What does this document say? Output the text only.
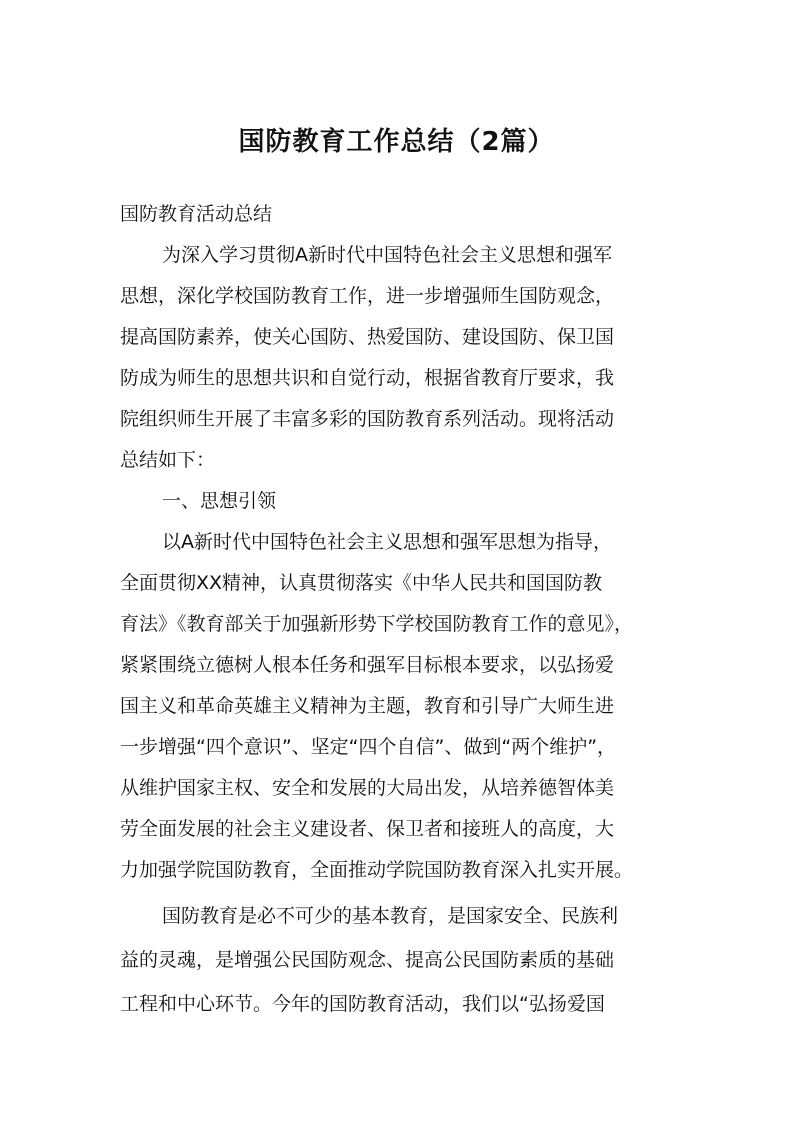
国防教育工作总结（2篇）

国防教育活动总结

为深入学习贯彻A新时代中国特色社会主义思想和强军

思想，深化学校国防教育工作，进一步增强师生国防观念，

提高国防素养，使关心国防、热爱国防、建设国防、保卫国

防成为师生的思想共识和自觉行动，根据省教育厅要求，我

院组织师生开展了丰富多彩的国防教育系列活动。现将活动

总结如下：

一、思想引领

以A新时代中国特色社会主义思想和强军思想为指导，

全面贯彻XX精神，认真贯彻落实《中华人民共和国国防教

育法》《教育部关于加强新形势下学校国防教育工作的意见》，

紧紧围绕立德树人根本任务和强军目标根本要求，以弘扬爱

国主义和革命英雄主义精神为主题，教育和引导广大师生进

一步增强“四个意识”、坚定“四个自信”、做到“两个维护”，

从维护国家主权、安全和发展的大局出发，从培养德智体美

劳全面发展的社会主义建设者、保卫者和接班人的高度，大

力加强学院国防教育，全面推动学院国防教育深入扎实开展。

国防教育是必不可少的基本教育，是国家安全、民族利

益的灵魂，是增强公民国防观念、提高公民国防素质的基础

工程和中心环节。今年的国防教育活动，我们以“弘扬爱国
